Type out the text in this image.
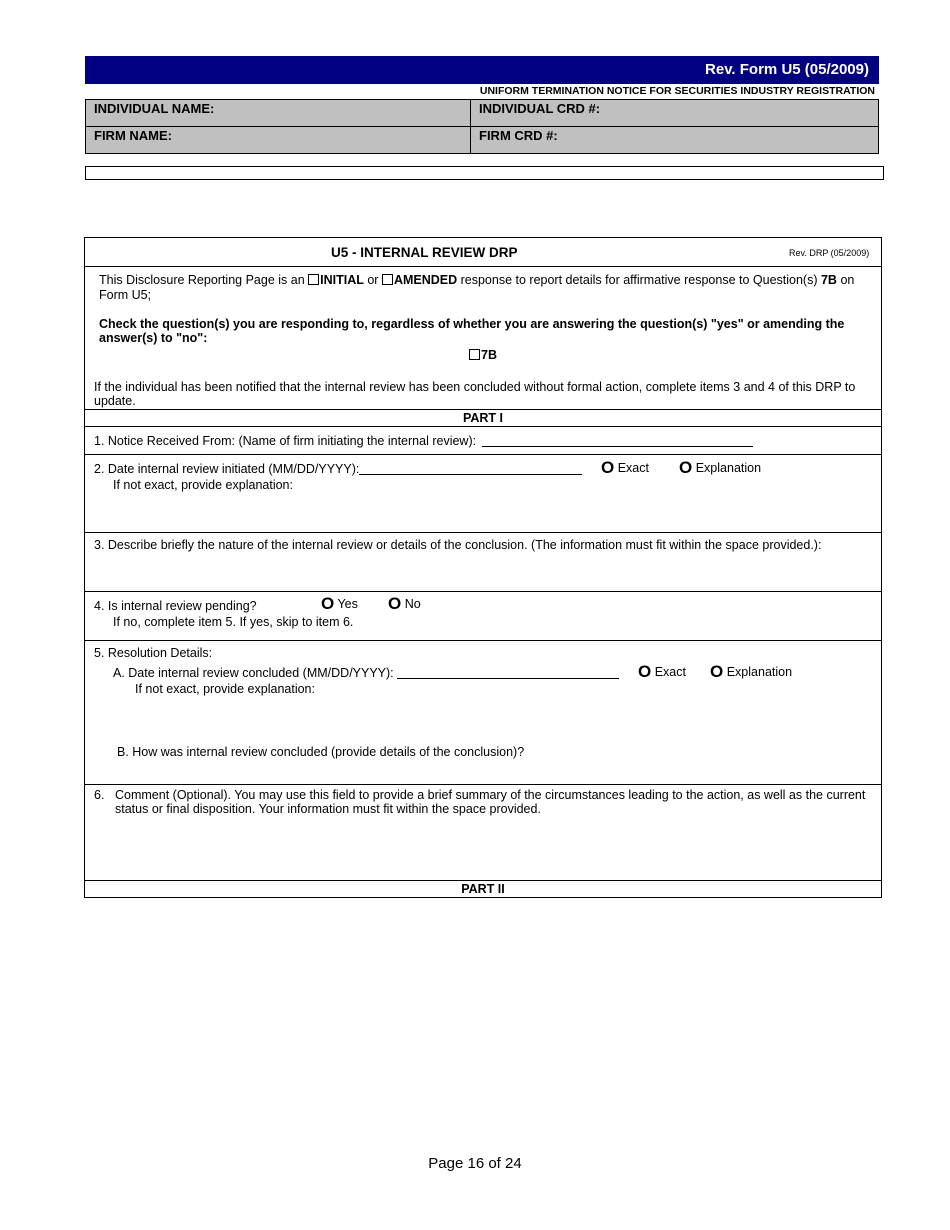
Rev. Form U5 (05/2009)
UNIFORM TERMINATION NOTICE FOR SECURITIES INDUSTRY REGISTRATION
INDIVIDUAL NAME:	INDIVIDUAL CRD #:
FIRM NAME:	FIRM CRD #:
U5 - INTERNAL REVIEW DRP	Rev. DRP (05/2009)
This Disclosure Reporting Page is an INITIAL or AMENDED response to report details for affirmative response to Question(s) 7B on
Form U5;
Check the question(s) you are responding to, regardless of whether you are answering the question(s) "yes" or amending the answer(s) to "no":
7B
If the individual has been notified that the internal review has been concluded without formal action, complete items 3 and 4 of this DRP to update.
PART I
1. Notice Received From: (Name of firm initiating the internal review):
2. Date internal review initiated (MM/DD/YYYY):	O Exact O Explanation
If not exact, provide explanation:
3. Describe briefly the nature of the internal review or details of the conclusion. (The information must fit within the space provided.):
4. Is internal review pending?	O Yes O No
If no, complete item 5. If yes, skip to item 6.
5. Resolution Details:
A. Date internal review concluded (MM/DD/YYYY):	O Exact O Explanation
If not exact, provide explanation:
B. How was internal review concluded (provide details of the conclusion)?
6. Comment (Optional). You may use this field to provide a brief summary of the circumstances leading to the action, as well as the current status or final disposition. Your information must fit within the space provided.
PART II
Page 16 of 24
